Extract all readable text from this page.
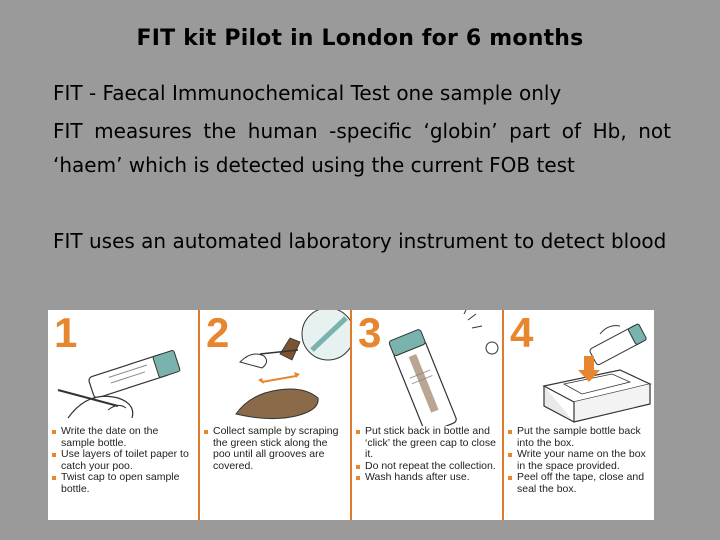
FIT kit Pilot in London for 6 months
FIT - Faecal Immunochemical Test one sample only
FIT measures the human -specific ‘globin’ part of Hb, not ‘haem’ which is detected using the current FOB test
FIT uses an automated laboratory instrument to detect blood
1
Write the date on the sample bottle.
Use layers of toilet paper to catch your poo.
Twist cap to open sample bottle.
2
Collect sample by scraping the green stick along the poo until all grooves are covered.
3
Put stick back in bottle and ‘click’ the green cap to close it.
Do not repeat the collection.
Wash hands after use.
4
Put the sample bottle back into the box.
Write your name on the box in the space provided.
Peel off the tape, close and seal the box.
